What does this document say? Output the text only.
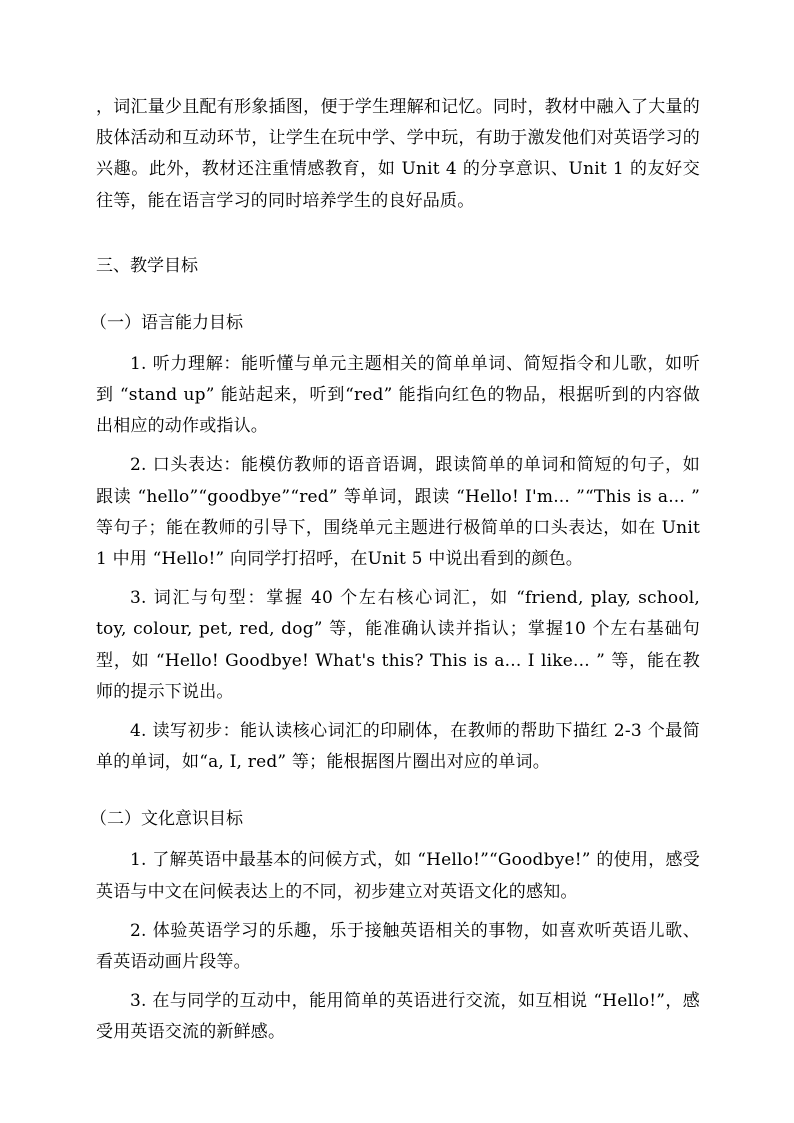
，词汇量少且配有形象插图，便于学生理解和记忆。同时，教材中融入了大量的肢体活动和互动环节，让学生在玩中学、学中玩，有助于激发他们对英语学习的兴趣。此外，教材还注重情感教育，如 Unit 4 的分享意识、Unit 1 的友好交往等，能在语言学习的同时培养学生的良好品质。

三、教学目标

（一）语言能力目标

1. 听力理解：能听懂与单元主题相关的简单单词、简短指令和儿歌，如听到 “stand up” 能站起来，听到“red” 能指向红色的物品，根据听到的内容做出相应的动作或指认。

2. 口头表达：能模仿教师的语音语调，跟读简单的单词和简短的句子，如跟读 “hello”“goodbye”“red” 等单词，跟读 “Hello! I'm... ”“This is a... ” 等句子；能在教师的引导下，围绕单元主题进行极简单的口头表达，如在 Unit 1 中用 “Hello!” 向同学打招呼，在Unit 5 中说出看到的颜色。

3. 词汇与句型：掌握 40 个左右核心词汇，如 “friend, play, school, toy, colour, pet, red, dog” 等，能准确认读并指认；掌握10 个左右基础句型，如 “Hello! Goodbye! What's this? This is a... I like... ” 等，能在教师的提示下说出。

4. 读写初步：能认读核心词汇的印刷体，在教师的帮助下描红 2-3 个最简单的单词，如“a, I, red” 等；能根据图片圈出对应的单词。

（二）文化意识目标

1. 了解英语中最基本的问候方式，如 “Hello!”“Goodbye!” 的使用，感受英语与中文在问候表达上的不同，初步建立对英语文化的感知。

2. 体验英语学习的乐趣，乐于接触英语相关的事物，如喜欢听英语儿歌、看英语动画片段等。

3. 在与同学的互动中，能用简单的英语进行交流，如互相说 “Hello!”，感受用英语交流的新鲜感。
